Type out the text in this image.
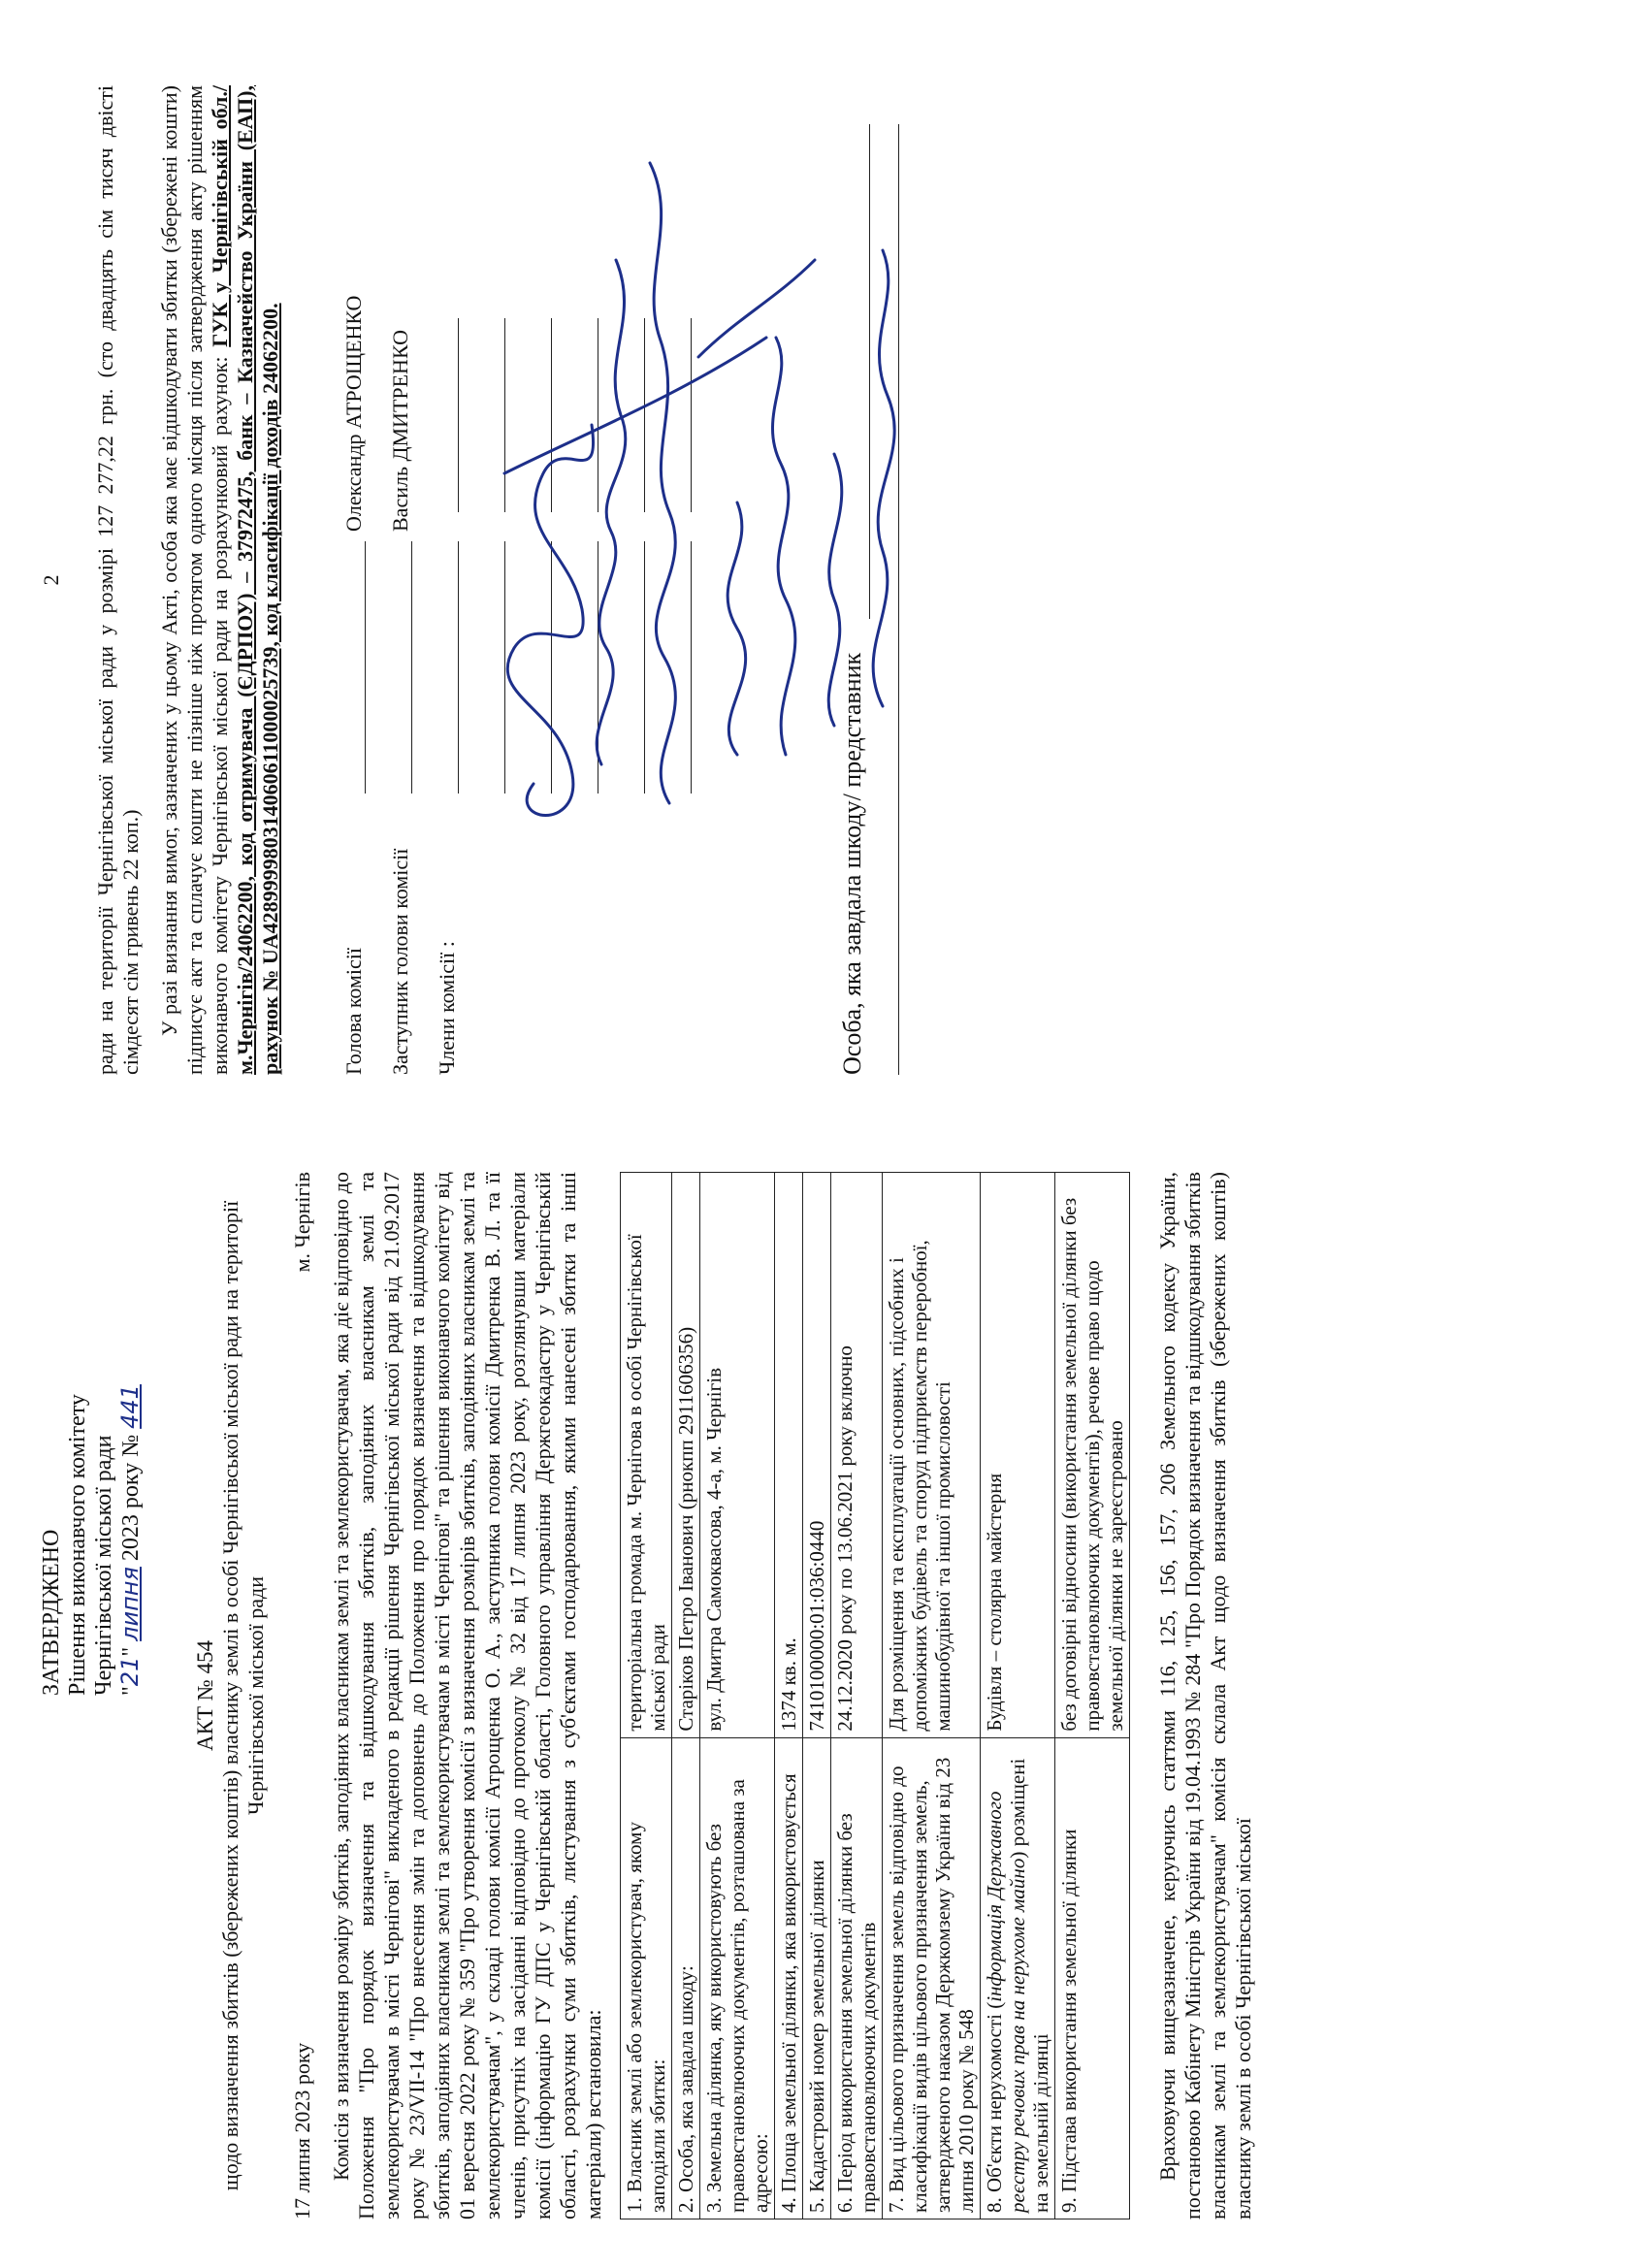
ЗАТВЕРДЖЕНО Рішення виконавчого комітету Чернігівської міської ради "21" липня 2023 року № 441
АКТ № 454 щодо визначення збитків (збережених коштів) власнику землі в особі Чернігівської міської ради на території Чернігівської міської ради
17 липня 2023 року
м. Чернігів Комісія з визначення розміру збитків, заподіяних власникам землі та землекористувачам, яка діє відповідно до Положення "Про порядок визначення та відшкодування збитків, заподіяних власникам землі та землекористувачам в місті Чернігові" викладеного в редакції рішення Чернігівської міської ради від 21.09.2017 року № 23/VII-14 "Про внесення змін та доповнень до Положення про порядок визначення та відшкодування збитків, заподіяних власникам землі та землекористувачам в місті Чернігові" та рішення виконавчого комітету від 01 вересня 2022 року № 359 "Про утворення комісії з визначення розмірів збитків, заподіяних власникам землі та землекористувачам", у складі голови комісії Атрощенка О. А., заступника голови комісії Дмитренка В. Л. та її членів, присутніх на засіданні відповідно до протоколу № 32 від 17 липня 2023 року, розглянувши матеріали комісії (інформацію ГУ ДПС у Чернігівській області, Головного управління Держгеокадастру у Чернігівській області, розрахунки суми збитків, листування з суб'єктами господарювання, якими нанесені збитки та інші матеріали) встановила: 1. Власник землі або землекористувач, якому заподіяли збитки:	територіальна громада м. Чернігова в особі Чернігівської міської ради
2. Особа, яка завдала шкоду:	Старіков Петро Іванович (рнокпп 2911606356)
3. Земельна ділянка, яку використовують без правовстановлюючих документів, розташована за адресою:	вул. Дмитра Самоквасова, 4-а, м. Чернігів
4. Площа земельної ділянки, яка використовується	1374 кв. м.
5. Кадастровий номер земельної ділянки	7410100000:01:036:0440
6. Період використання земельної ділянки без правовстановлюючих документів	24.12.2020 року по 13.06.2021 року включно
7. Вид цільового призначення земель відповідно до класифікації видів цільового призначення земель, затвердженого наказом Держкомзему України від 23 липня 2010 року № 548	Для розміщення та експлуатації основних, підсобних і допоміжних будівель та споруд підприємств переробної, машинобудівної та іншої промисловості
8. Об'єкти нерухомості (інформація Державного реєстру речових прав на нерухоме майно) розміщені на земельній ділянці	Будівля – столярна майстерня
9. Підстава використання земельної ділянки	без договірні відносини (використання земельної ділянки без правовстановлюючих документів), речове право щодо земельної ділянки не зареєстровано Враховуючи вищезазначене, керуючись статтями 116, 125, 156, 157, 206 Земельного кодексу України, постановою Кабінету Міністрів України від 19.04.1993 № 284 "Про Порядок визначення та відшкодування збитків власникам землі та землекористувачам" комісія склала Акт щодо визначення збитків (збережених коштів) власнику землі в особі Чернігівської міської
2 ради на території Чернігівської міської ради у розмірі 127 277,22 грн. (сто двадцять сім тисяч двісті сімдесят сім гривень 22 коп.) У разі визнання вимог, зазначених у цьому Акті, особа яка має відшкодувати збитки (збережені кошти) підписує акт та сплачує кошти не пізніше ніж протягом одного місяця після затвердження акту рішенням виконавчого комітету Чернігівської міської ради на розрахунковий рахунок: ГУК у Чернігівській обл./м.Чернігів/24062200, код отримувача (ЄДРПОУ) – 37972475, банк – Казначейство України (ЕАП), рахунок № UA428999980314060611000025739, код класифікації доходів 24062200.	Голова комісії
Олександр АТРОЩЕНКО
Заступник голови комісії
Василь ДМИТРЕНКО
Члени комісії :	Особа, яка завдала шкоду/ представник
